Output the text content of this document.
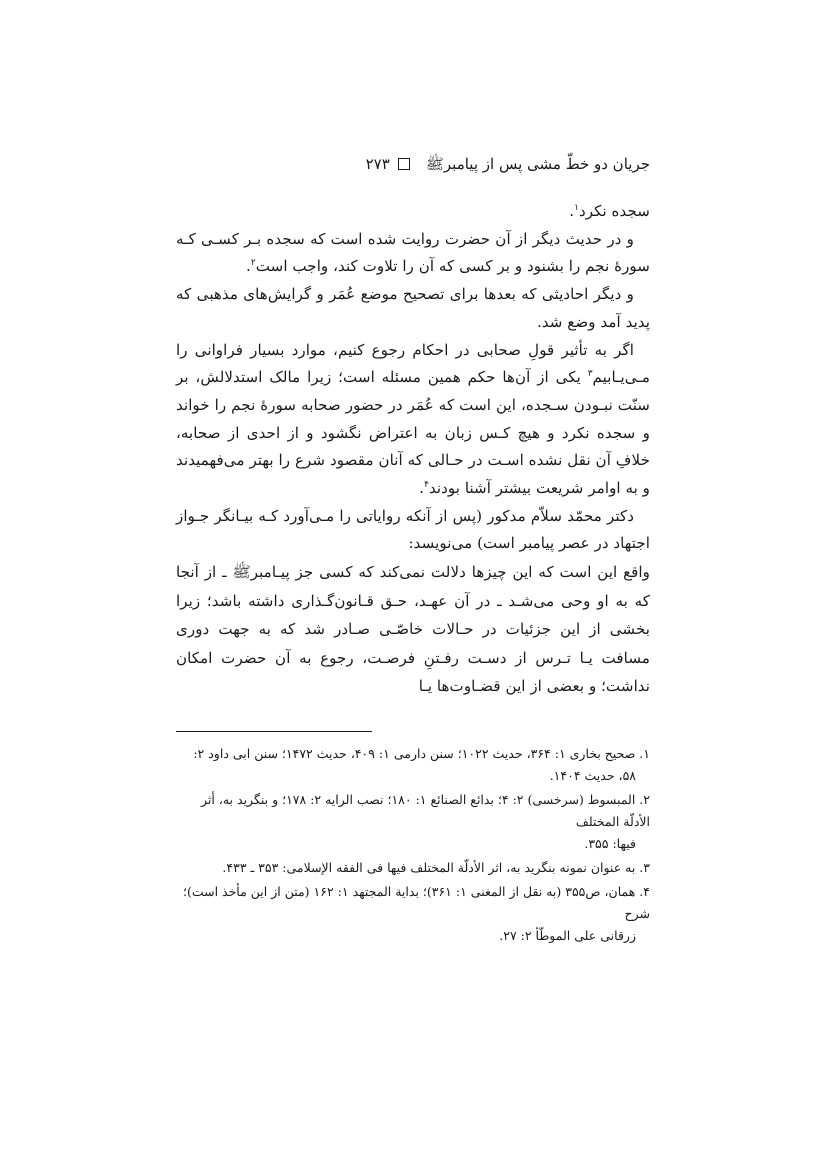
جریان دو خطّ مشی پس از پیامبرﷺ
۲۷۳

سجده نکرد$^۱$.

و در حدیث دیگر از آن حضرت روایت شده است که سجده بـر کسـی کـه سورۀ نجم را بشنود و بر کسی که آن را تلاوت کند، واجب است$^۲$.

و دیگر احادیثی که بعدها برای تصحیح موضع عُمَر و گرایش‌های مذهبی که پدید آمد وضع شد.

اگر به تأثیر قولِ صحابی در احکام رجوع کنیم، موارد بسیار فراوانی را مـی‌یـابیم$^۳$ یکی از آن‌ها حکم همین مسئله است؛ زیرا مالک استدلالش، بر سنّت نبـودن سـجده، این است که عُمَر در حضور صحابه سورۀ نجم را خواند و سجده نکرد و هیچ کـس زبان به اعتراض نگشود و از احدی از صحابه، خلافِ آن نقل نشده اسـت در حـالی که آنان مقصود شرع را بهتر می‌فهمیدند و به اوامر شریعت بیشتر آشنا بودند$^۴$.

دکتر محمّد سلاّم مدکور (پس از آنکه روایاتی را مـی‌آورد کـه بیـانگر جـواز اجتهاد در عصر پیامبر است) می‌نویسد:

واقع این است که این چیزها دلالت نمی‌کند که کسی جز پیـامبرﷺ ـ از آنجا که به او وحی می‌شـد ـ در آن عهـد، حـق قـانون‌گـذاری داشته باشد؛ زیرا بخشی از این جزئیات در حـالات خاصّـی صـادر شد که به جهت دوری مسافت یـا تـرس از دسـت رفـتنِ فرصـت، رجوع به آن حضرت امکان نداشت؛ و بعضی از این قضـاوت‌ها یـا

۱. صحیح بخاری ۱: ۳۶۴، حدیث ۱۰۲۲؛ سنن دارمی ۱: ۴۰۹، حدیث ۱۴۷۲؛ سنن ابی داود ۲:
۵۸، حدیث ۱۴۰۴.

۲. المبسوط (سرخسی) ۲: ۴؛ بدائع الصنائع ۱: ۱۸۰؛ نصب الرایه ۲: ۱۷۸؛ و بنگرید به، أثر الأدلّة المختلف
فیها: ۳۵۵.

۳. به عنوان نمونه بنگرید به، اثر الأدلّة المختلف فیها فی الفقه الإسلامی: ۳۵۳ ـ ۴۳۳.

۴. همان، ص۳۵۵ (به نقل از المغنی ۱: ۳۶۱)؛ بدایة المجتهد ۱: ۱۶۲ (متن از این مأخذ است)؛ شرح
زرقانی علی الموطّأ ۲: ۲۷.
